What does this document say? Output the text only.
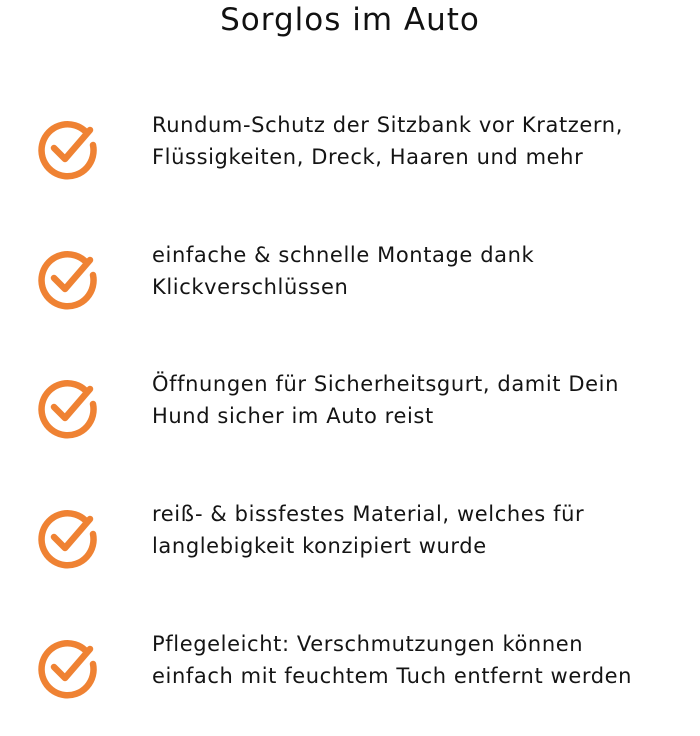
Sorglos im Auto
Rundum-Schutz der Sitzbank vor Kratzern,
Flüssigkeiten, Dreck, Haaren und mehr
einfache & schnelle Montage dank
Klickverschlüssen
Öffnungen für Sicherheitsgurt, damit Dein
Hund sicher im Auto reist
reiß- & bissfestes Material, welches für
langlebigkeit konzipiert wurde
Pflegeleicht: Verschmutzungen können
einfach mit feuchtem Tuch entfernt werden
